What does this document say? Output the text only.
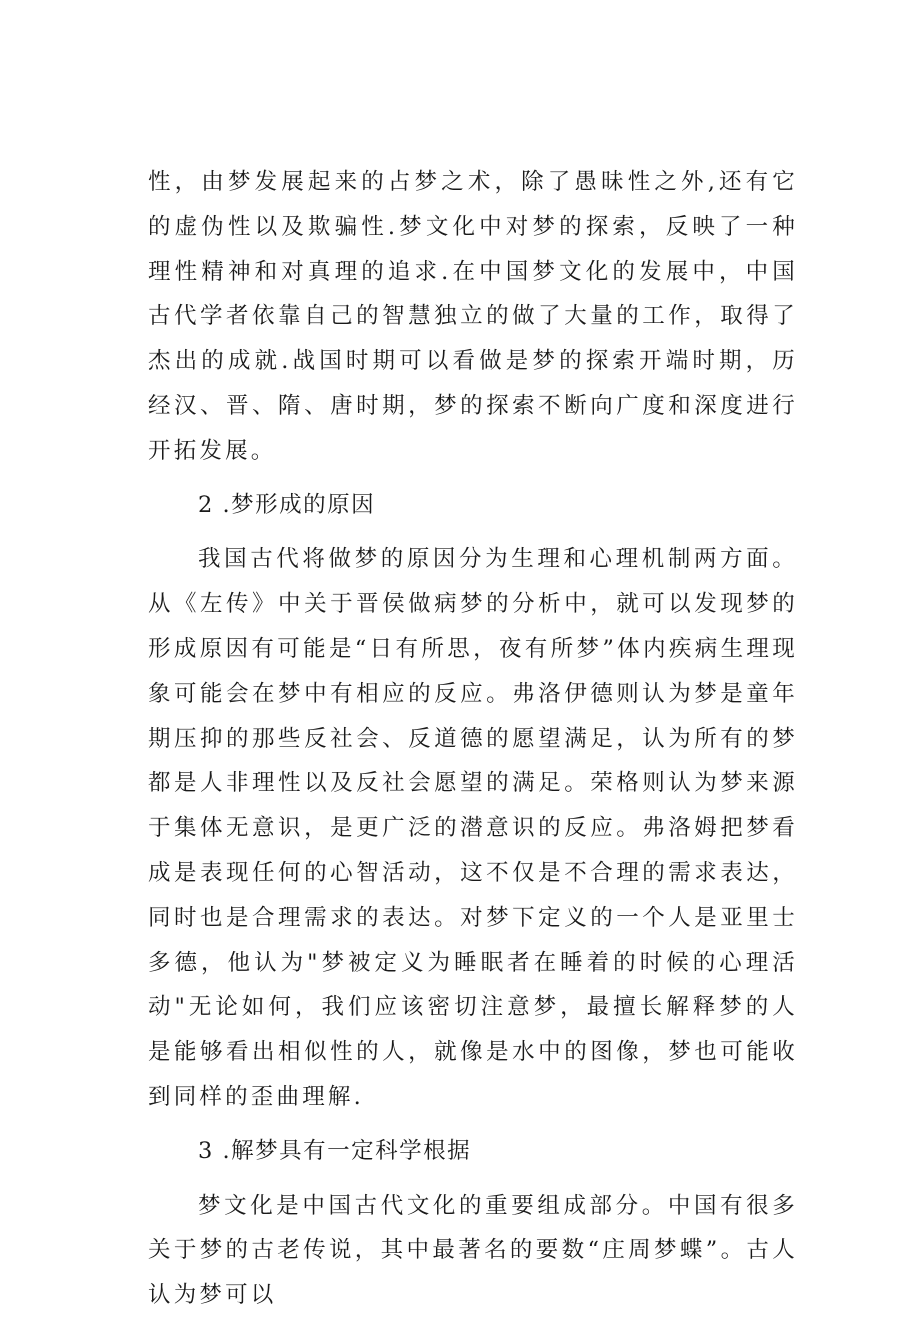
性，由梦发展起来的占梦之术，除了愚昧性之外,还有它的虚伪性以及欺骗性.梦文化中对梦的探索，反映了一种理性精神和对真理的追求.在中国梦文化的发展中，中国古代学者依靠自己的智慧独立的做了大量的工作，取得了杰出的成就.战国时期可以看做是梦的探索开端时期，历经汉、晋、隋、唐时期，梦的探索不断向广度和深度进行开拓发展。

2 .梦形成的原因

我国古代将做梦的原因分为生理和心理机制两方面。从《左传》中关于晋侯做病梦的分析中，就可以发现梦的形成原因有可能是“日有所思，夜有所梦”体内疾病生理现象可能会在梦中有相应的反应。弗洛伊德则认为梦是童年期压抑的那些反社会、反道德的愿望满足，认为所有的梦都是人非理性以及反社会愿望的满足。荣格则认为梦来源于集体无意识，是更广泛的潜意识的反应。弗洛姆把梦看成是表现任何的心智活动，这不仅是不合理的需求表达，同时也是合理需求的表达。对梦下定义的一个人是亚里士多德，他认为"梦被定义为睡眠者在睡着的时候的心理活动"无论如何，我们应该密切注意梦，最擅长解释梦的人是能够看出相似性的人，就像是水中的图像，梦也可能收到同样的歪曲理解.

3 .解梦具有一定科学根据

梦文化是中国古代文化的重要组成部分。中国有很多关于梦的古老传说，其中最著名的要数“庄周梦蝶”。古人认为梦可以
